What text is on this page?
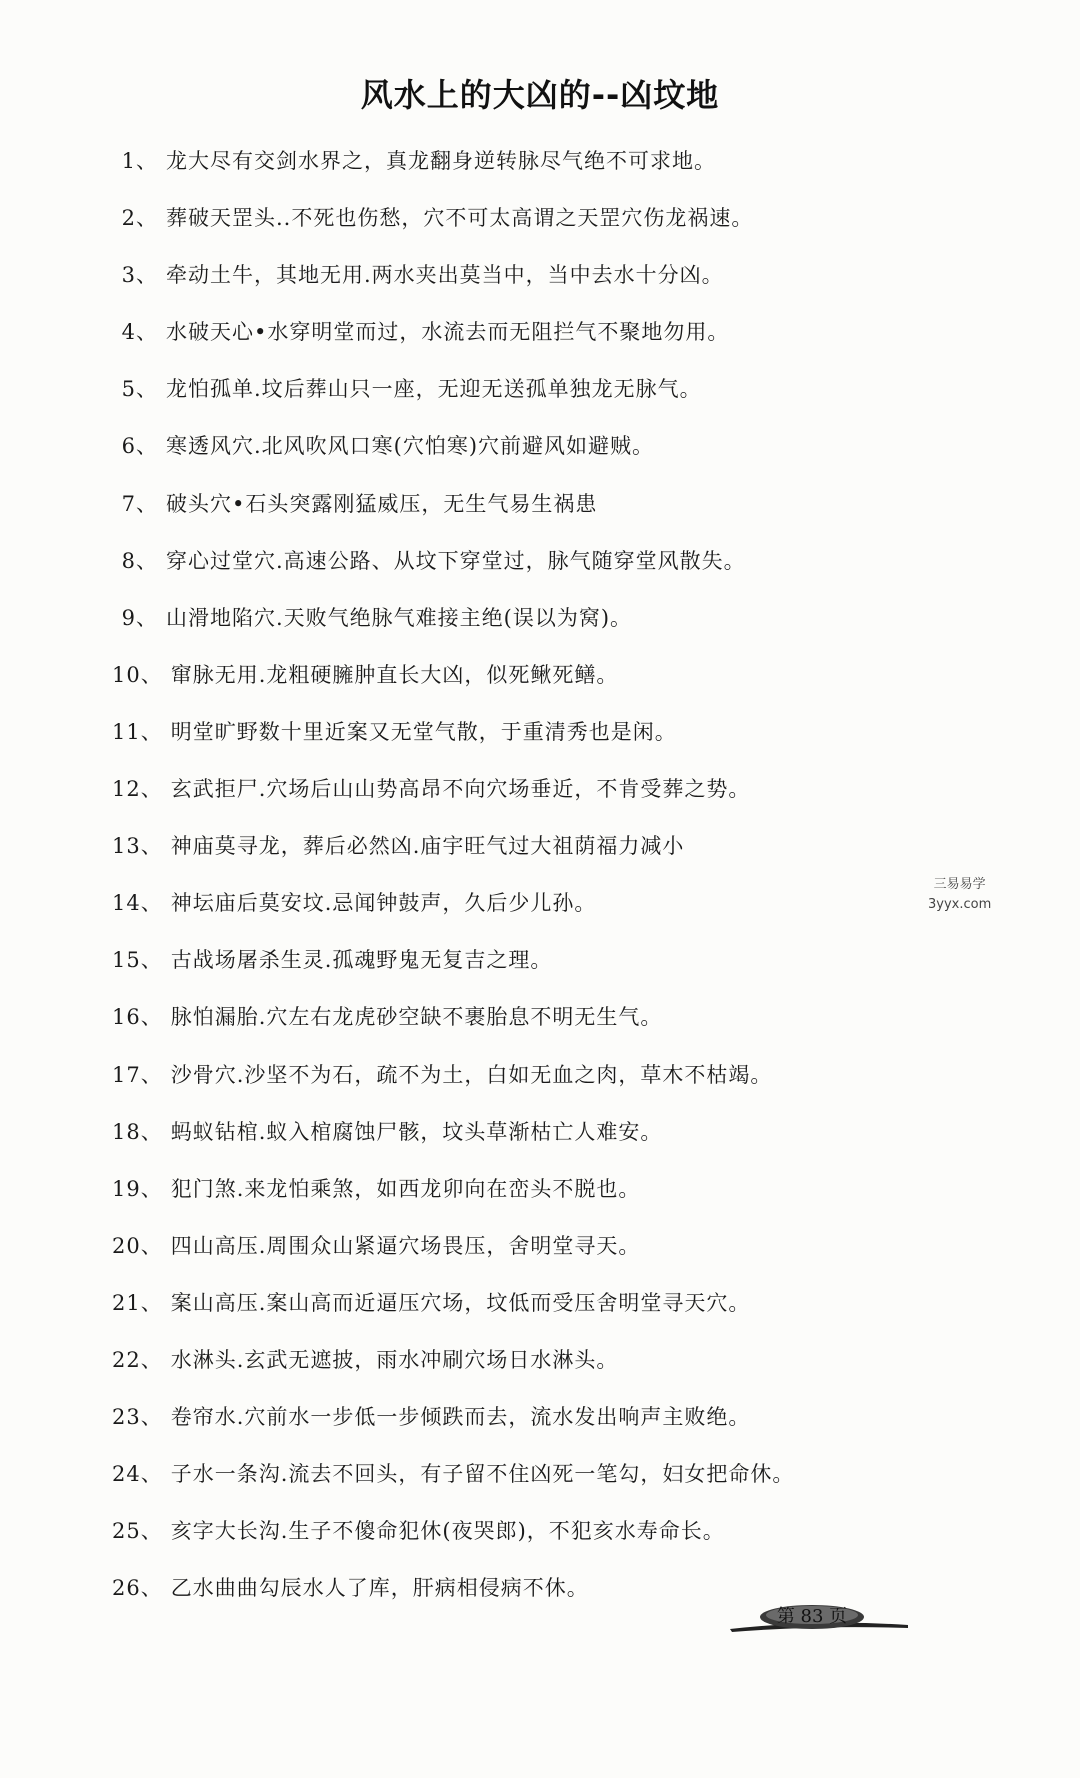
风水上的大凶的--凶坟地
1 、 龙大尽有交剑水界之，真龙翻身逆转脉尽气绝不可求地。
2 、 葬破天罡头..不死也伤愁，穴不可太高谓之天罡穴伤龙祸速。
3 、 牵动土牛，其地无用.两水夹出莫当中，当中去水十分凶。
4 、 水破天心•水穿明堂而过，水流去而无阻拦气不聚地勿用。
5 、 龙怕孤单.坟后葬山只一座，无迎无送孤单独龙无脉气。
6 、 寒透风穴.北风吹风口寒(穴怕寒)穴前避风如避贼。
7 、 破头穴•石头突露刚猛威压，无生气易生祸患
8 、 穿心过堂穴.高速公路、从坟下穿堂过，脉气随穿堂风散失。
9 、 山滑地陷穴.天败气绝脉气难接主绝(误以为窝)。
10 、 窜脉无用.龙粗硬臃肿直长大凶，似死鳅死鳝。
11 、 明堂旷野数十里近案又无堂气散，于重清秀也是闲。
12 、 玄武拒尸.穴场后山山势高昂不向穴场垂近，不肯受葬之势。
13 、 神庙莫寻龙，葬后必然凶.庙宇旺气过大祖荫福力减小
14 、 神坛庙后莫安坟.忌闻钟鼓声，久后少儿孙。
15 、 古战场屠杀生灵.孤魂野鬼无复吉之理。
16 、 脉怕漏胎.穴左右龙虎砂空缺不裹胎息不明无生气。
17 、 沙骨穴.沙坚不为石，疏不为土，白如无血之肉，草木不枯竭。
18 、 蚂蚁钻棺.蚁入棺腐蚀尸骸，坟头草渐枯亡人难安。
19 、 犯门煞.来龙怕乘煞，如西龙卯向在峦头不脱也。
20 、 四山高压.周围众山紧逼穴场畏压，舍明堂寻天。
21 、 案山高压.案山高而近逼压穴场，坟低而受压舍明堂寻天穴。
22 、 水淋头.玄武无遮披，雨水冲刷穴场日水淋头。
23 、 卷帘水.穴前水一步低一步倾跌而去，流水发出响声主败绝。
24 、 子水一条沟.流去不回头，有子留不住凶死一笔勾，妇女把命休。
25 、 亥字大长沟.生子不傻命犯休(夜哭郎)，不犯亥水寿命长。
26 、 乙水曲曲勾辰水人了库，肝病相侵病不休。
三易易学
3yyx.com
第 83 页
